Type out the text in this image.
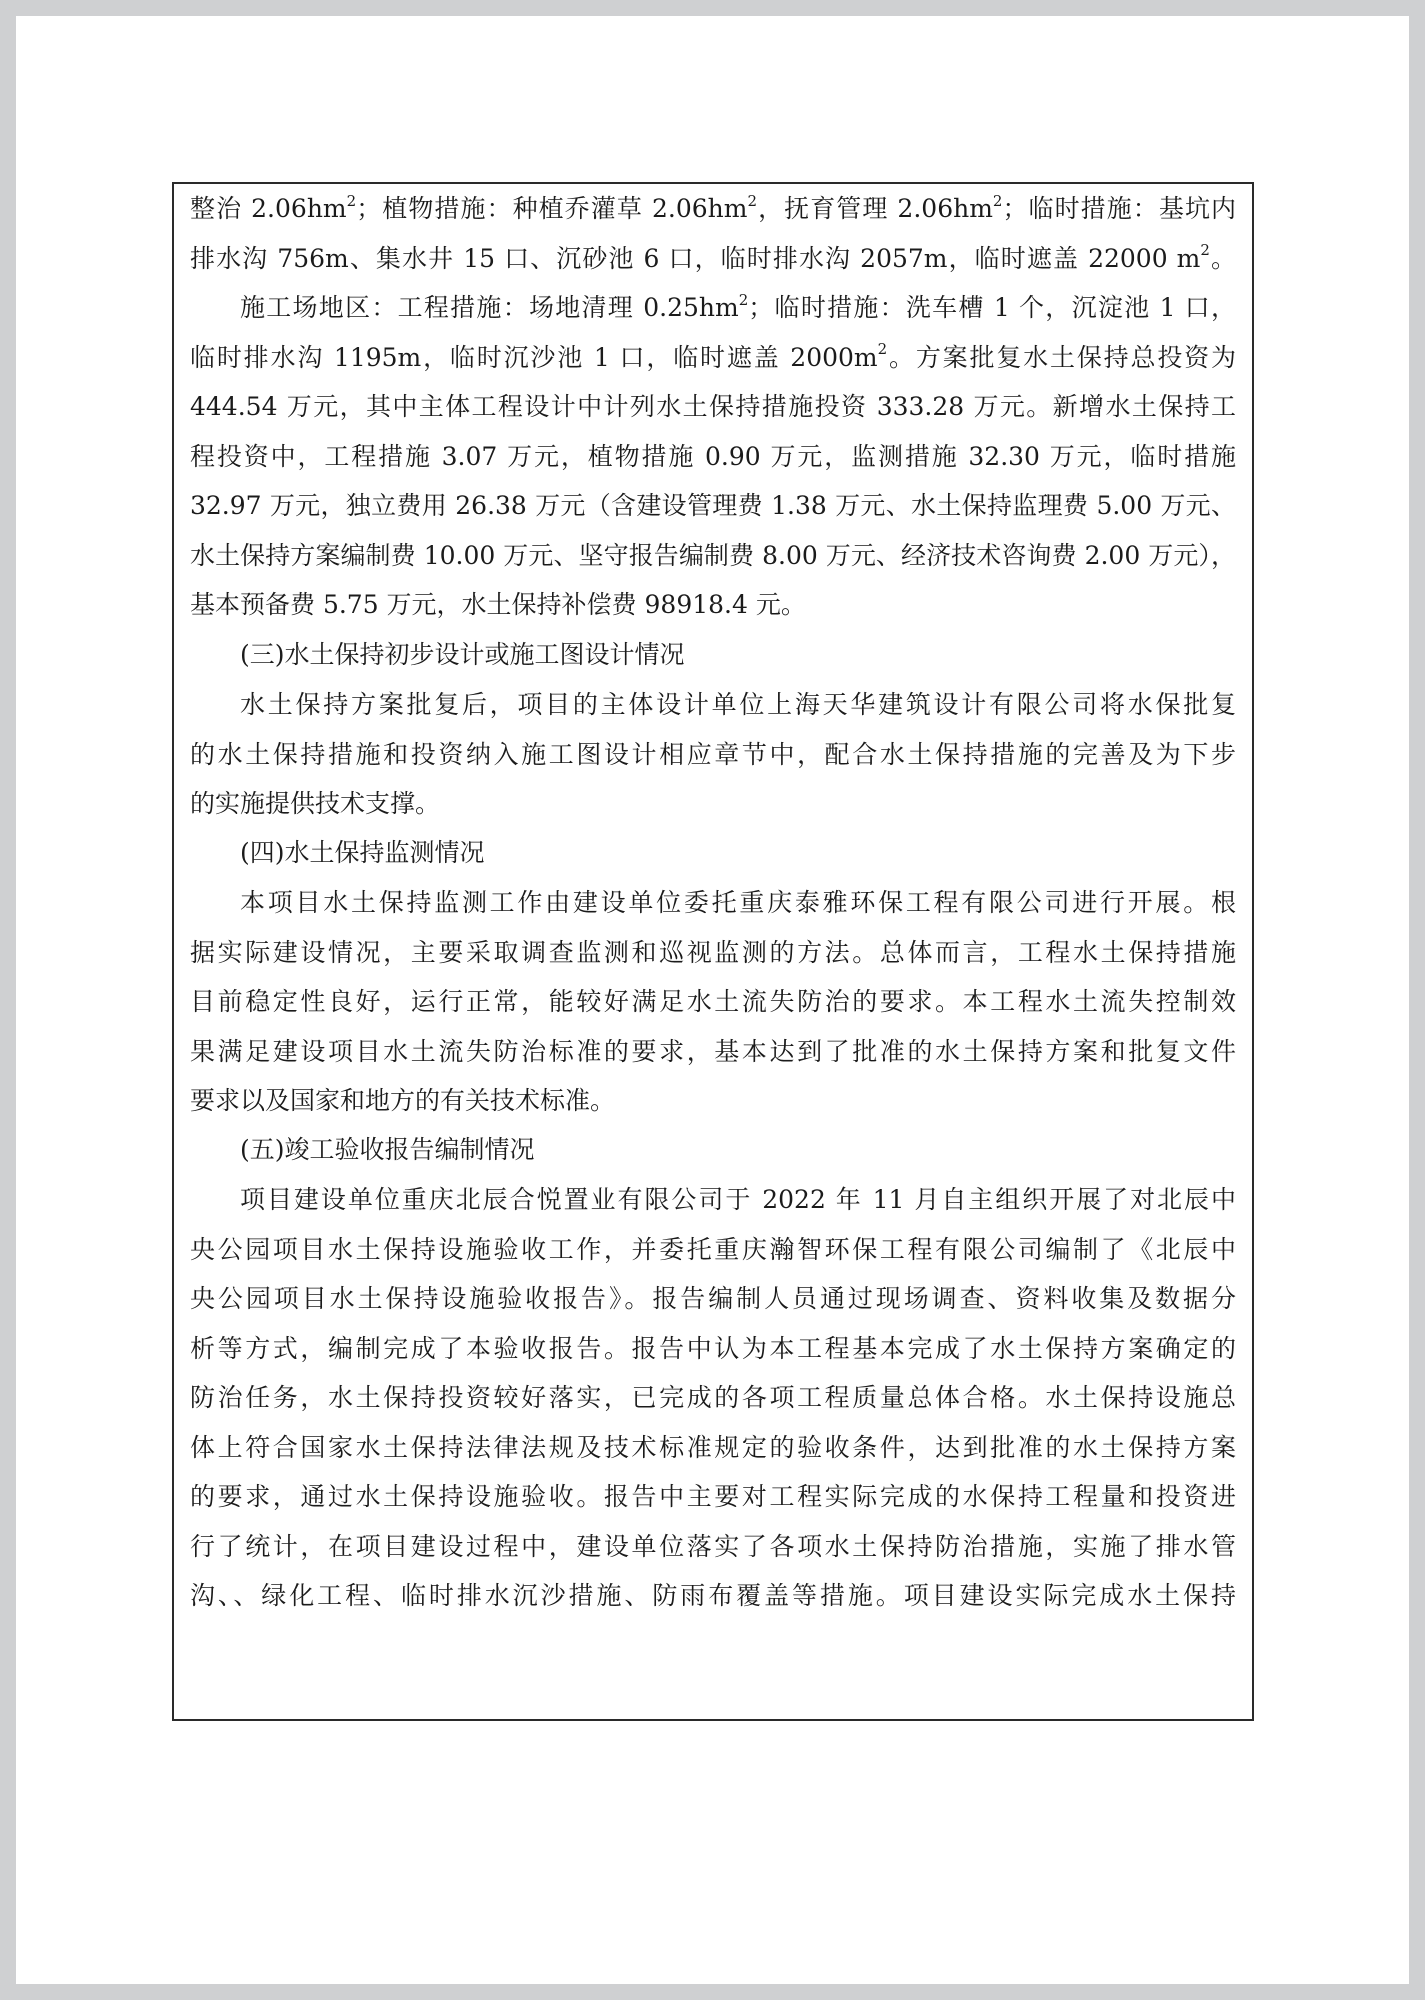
整治 $2.06hm^2$；植物措施：种植乔灌草 $2.06hm^2$，抚育管理 $2.06hm^2$；临时措施：基坑内
排水沟 756m、集水井 15 口、沉砂池 6 口，临时排水沟 2057m，临时遮盖 22000 $m^2$。
施工场地区：工程措施：场地清理 $0.25hm^2$；临时措施：洗车槽 1 个，沉淀池 1 口，
临时排水沟 1195m，临时沉沙池 1 口，临时遮盖 $2000m^2$。方案批复水土保持总投资为
444.54 万元，其中主体工程设计中计列水土保持措施投资 333.28 万元。新增水土保持工
程投资中，工程措施 3.07 万元，植物措施 0.90 万元，监测措施 32.30 万元，临时措施
32.97 万元，独立费用 26.38 万元（含建设管理费 1.38 万元、水土保持监理费 5.00 万元、
水土保持方案编制费 10.00 万元、坚守报告编制费 8.00 万元、经济技术咨询费 2.00 万元），
基本预备费 5.75 万元，水土保持补偿费 98918.4 元。
(三)水土保持初步设计或施工图设计情况
水土保持方案批复后，项目的主体设计单位上海天华建筑设计有限公司将水保批复
的水土保持措施和投资纳入施工图设计相应章节中，配合水土保持措施的完善及为下步
的实施提供技术支撑。
(四)水土保持监测情况
本项目水土保持监测工作由建设单位委托重庆泰雅环保工程有限公司进行开展。根
据实际建设情况，主要采取调查监测和巡视监测的方法。总体而言，工程水土保持措施
目前稳定性良好，运行正常，能较好满足水土流失防治的要求。本工程水土流失控制效
果满足建设项目水土流失防治标准的要求，基本达到了批准的水土保持方案和批复文件
要求以及国家和地方的有关技术标准。
(五)竣工验收报告编制情况
项目建设单位重庆北辰合悦置业有限公司于 2022 年 11 月自主组织开展了对北辰中
央公园项目水土保持设施验收工作，并委托重庆瀚智环保工程有限公司编制了《北辰中
央公园项目水土保持设施验收报告》。报告编制人员通过现场调查、资料收集及数据分
析等方式，编制完成了本验收报告。报告中认为本工程基本完成了水土保持方案确定的
防治任务，水土保持投资较好落实，已完成的各项工程质量总体合格。水土保持设施总
体上符合国家水土保持法律法规及技术标准规定的验收条件，达到批准的水土保持方案
的要求，通过水土保持设施验收。报告中主要对工程实际完成的水保持工程量和投资进
行了统计，在项目建设过程中，建设单位落实了各项水土保持防治措施，实施了排水管
沟、、绿化工程、临时排水沉沙措施、防雨布覆盖等措施。项目建设实际完成水土保持
